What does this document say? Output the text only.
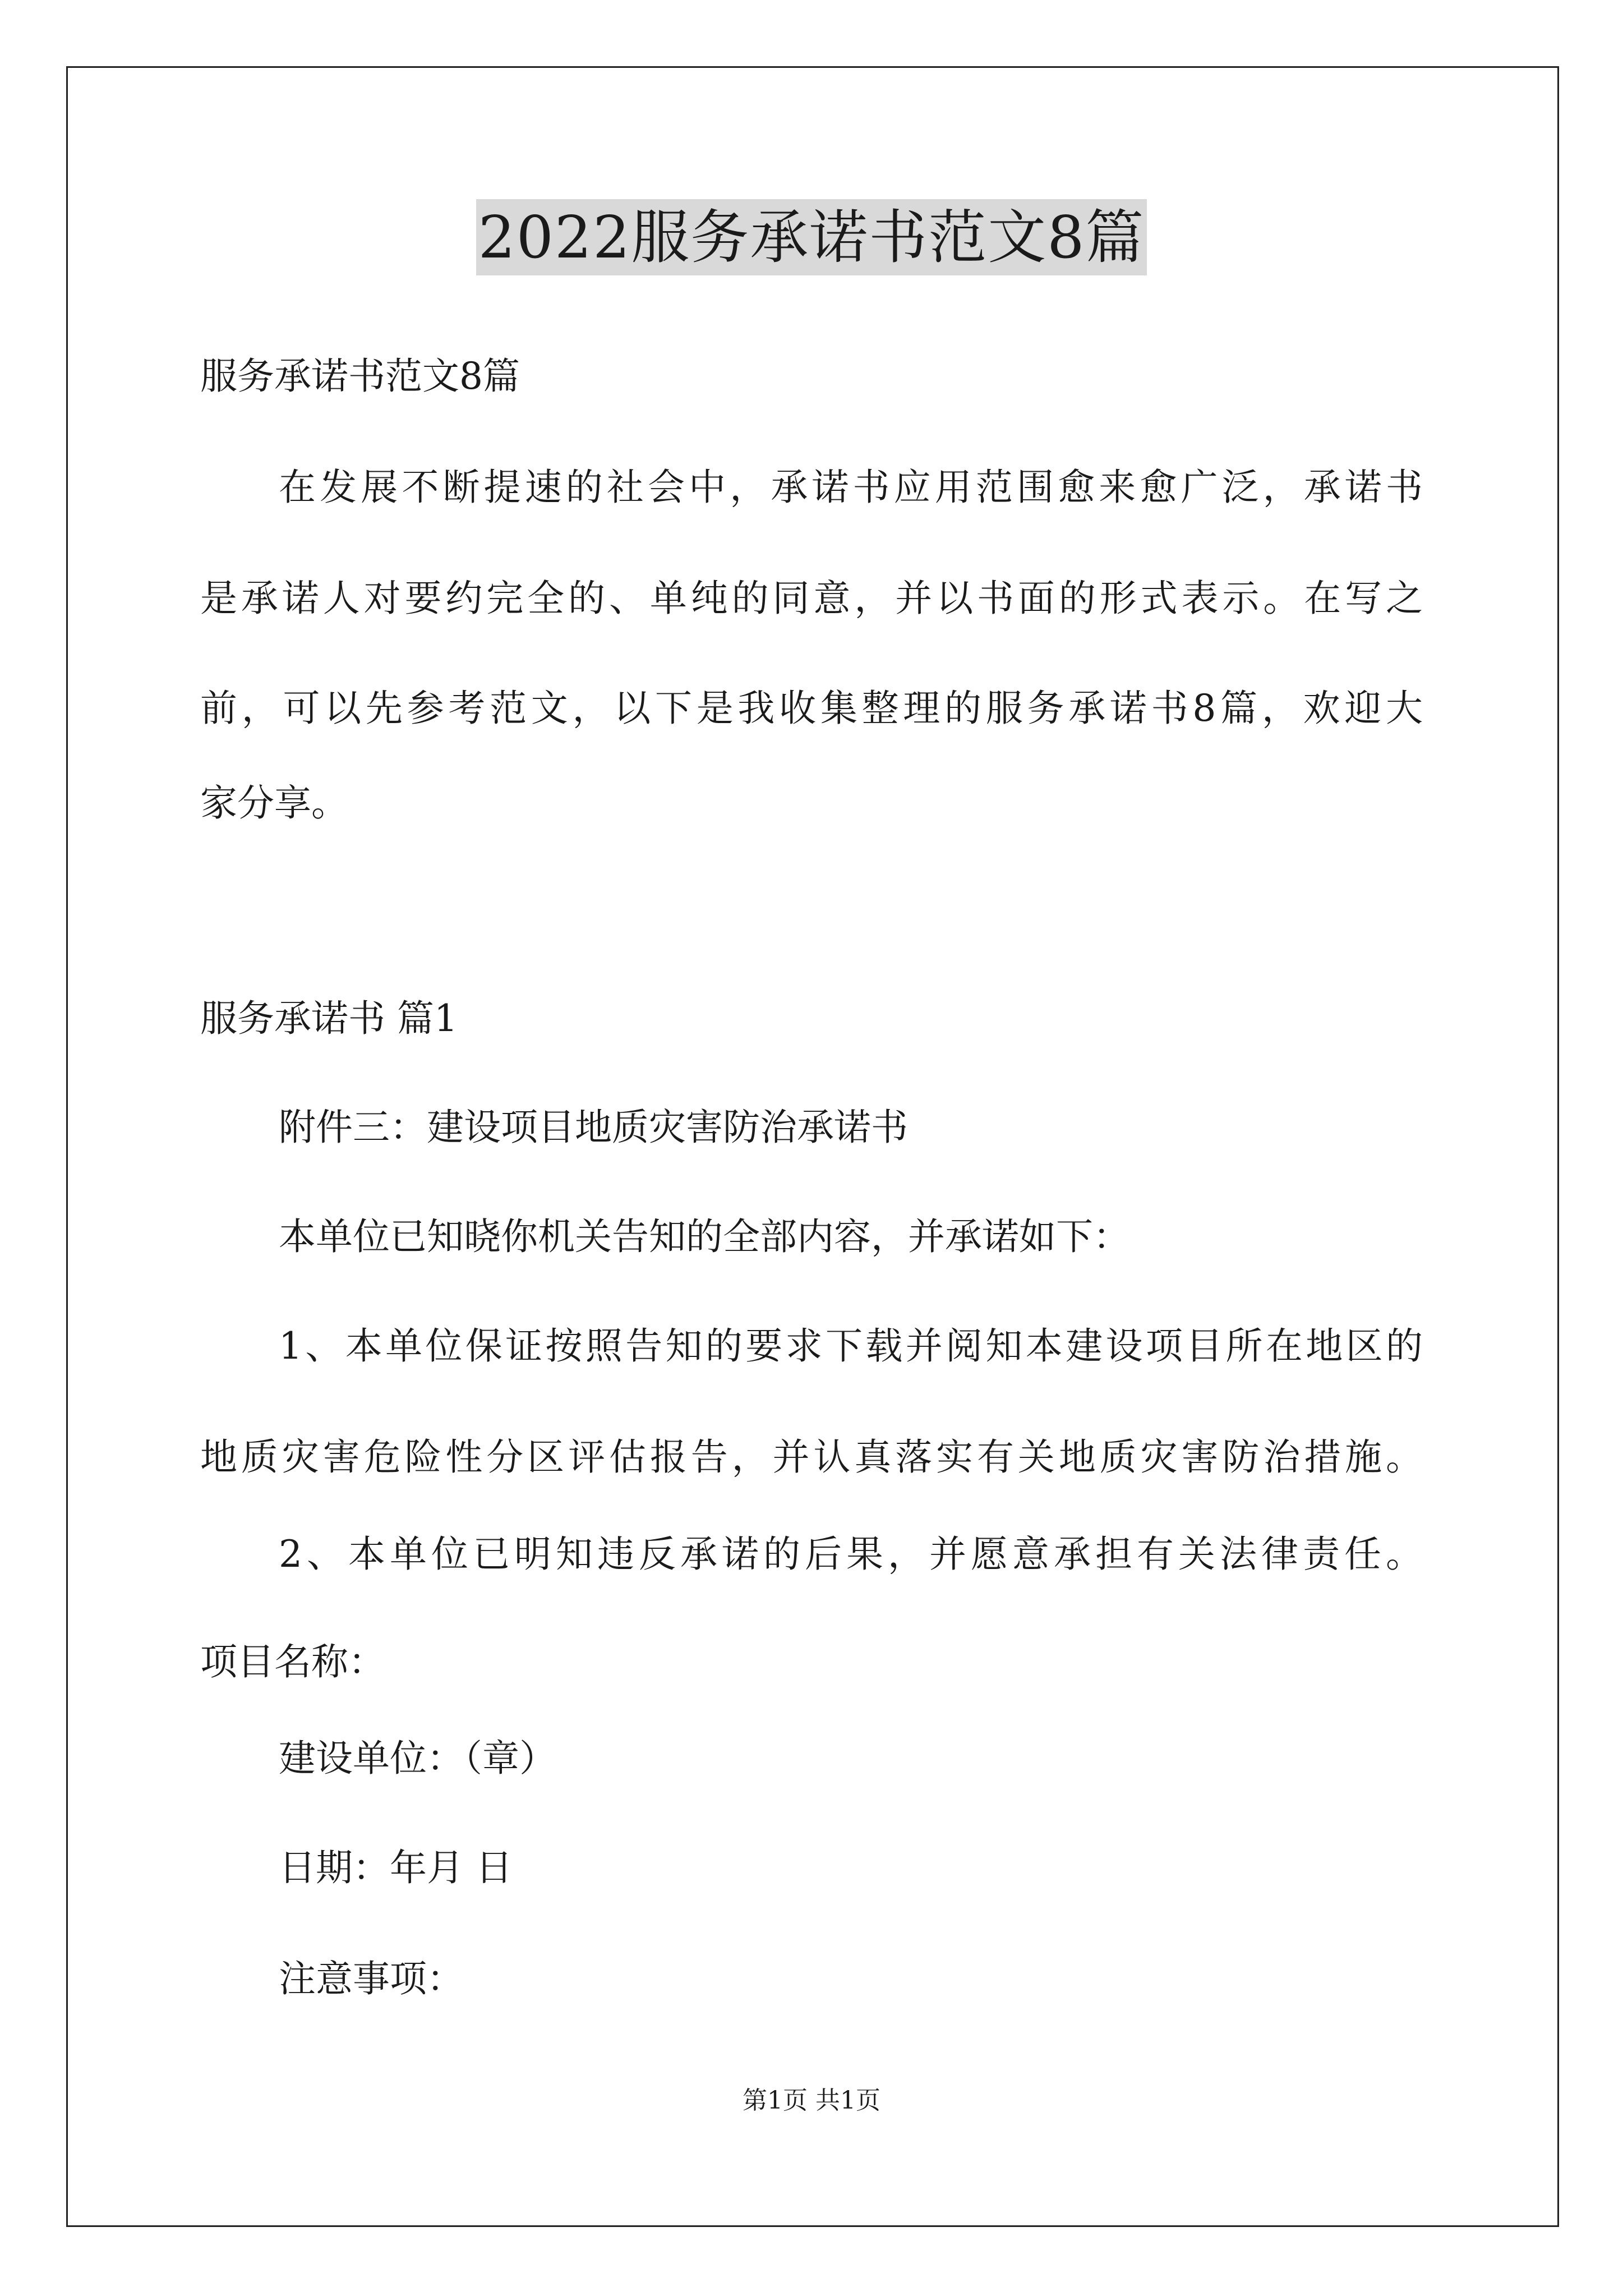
2022服务承诺书范文8篇
服务承诺书范文8篇
在发展不断提速的社会中，承诺书应用范围愈来愈广泛，承诺书
是承诺人对要约完全的、单纯的同意，并以书面的形式表示。在写之
前，可以先参考范文，以下是我收集整理的服务承诺书8篇，欢迎大
家分享。
服务承诺书 篇1
附件三：建设项目地质灾害防治承诺书
本单位已知晓你机关告知的全部内容，并承诺如下：
1、本单位保证按照告知的要求下载并阅知本建设项目所在地区的
地质灾害危险性分区评估报告，并认真落实有关地质灾害防治措施。
2、本单位已明知违反承诺的后果，并愿意承担有关法律责任。
项目名称：
建设单位：（章）
日期：年月 日
注意事项：
第1页 共1页
